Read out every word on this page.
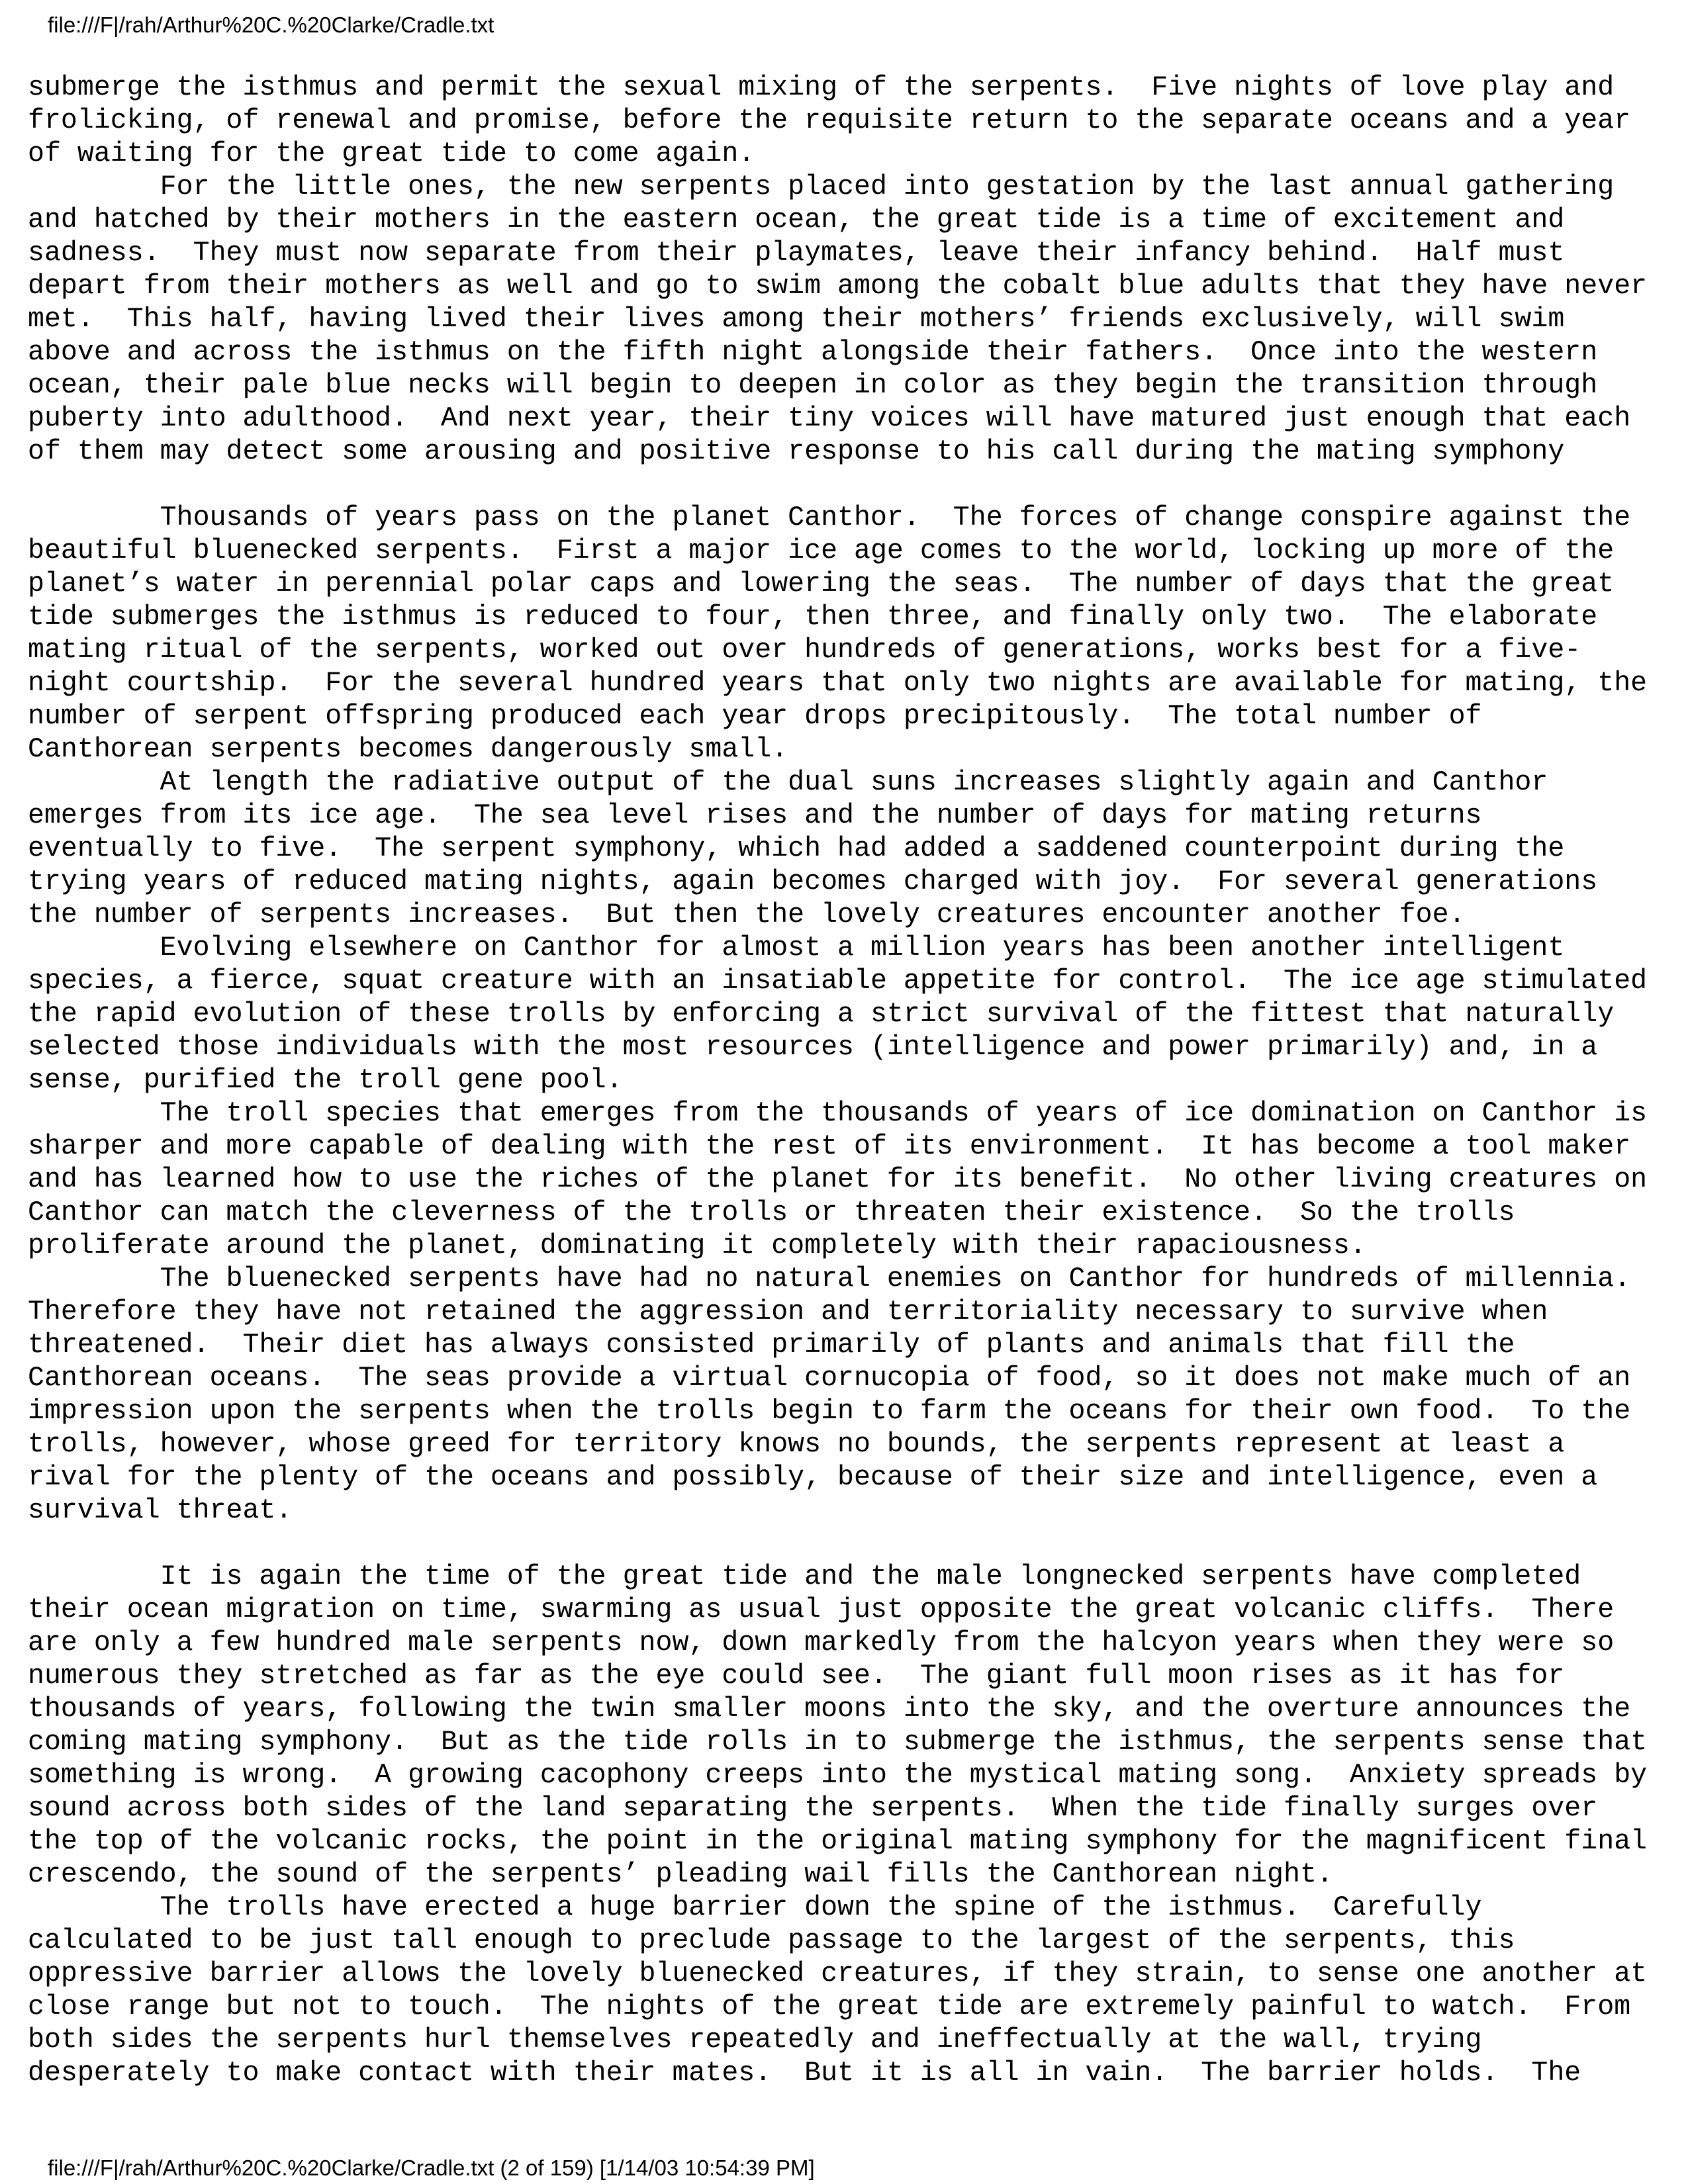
file:///F|/rah/Arthur%20C.%20Clarke/Cradle.txt
submerge the isthmus and permit the sexual mixing of the serpents.  Five nights of love play and
frolicking, of renewal and promise, before the requisite return to the separate oceans and a year
of waiting for the great tide to come again.
For the little ones, the new serpents placed into gestation by the last annual gathering
and hatched by their mothers in the eastern ocean, the great tide is a time of excitement and
sadness.  They must now separate from their playmates, leave their infancy behind.  Half must
depart from their mothers as well and go to swim among the cobalt blue adults that they have never
met.  This half, having lived their lives among their mothers’ friends exclusively, will swim
above and across the isthmus on the fifth night alongside their fathers.  Once into the western
ocean, their pale blue necks will begin to deepen in color as they begin the transition through
puberty into adulthood.  And next year, their tiny voices will have matured just enough that each
of them may detect some arousing and positive response to his call during the mating symphony
Thousands of years pass on the planet Canthor.  The forces of change conspire against the
beautiful bluenecked serpents.  First a major ice age comes to the world, locking up more of the
planet’s water in perennial polar caps and lowering the seas.  The number of days that the great
tide submerges the isthmus is reduced to four, then three, and finally only two.  The elaborate
mating ritual of the serpents, worked out over hundreds of generations, works best for a five-
night courtship.  For the several hundred years that only two nights are available for mating, the
number of serpent offspring produced each year drops precipitously.  The total number of
Canthorean serpents becomes dangerously small.
At length the radiative output of the dual suns increases slightly again and Canthor
emerges from its ice age.  The sea level rises and the number of days for mating returns
eventually to five.  The serpent symphony, which had added a saddened counterpoint during the
trying years of reduced mating nights, again becomes charged with joy.  For several generations
the number of serpents increases.  But then the lovely creatures encounter another foe.
Evolving elsewhere on Canthor for almost a million years has been another intelligent
species, a fierce, squat creature with an insatiable appetite for control.  The ice age stimulated
the rapid evolution of these trolls by enforcing a strict survival of the fittest that naturally
selected those individuals with the most resources (intelligence and power primarily) and, in a
sense, purified the troll gene pool.
The troll species that emerges from the thousands of years of ice domination on Canthor is
sharper and more capable of dealing with the rest of its environment.  It has become a tool maker
and has learned how to use the riches of the planet for its benefit.  No other living creatures on
Canthor can match the cleverness of the trolls or threaten their existence.  So the trolls
proliferate around the planet, dominating it completely with their rapaciousness.
The bluenecked serpents have had no natural enemies on Canthor for hundreds of millennia.
Therefore they have not retained the aggression and territoriality necessary to survive when
threatened.  Their diet has always consisted primarily of plants and animals that fill the
Canthorean oceans.  The seas provide a virtual cornucopia of food, so it does not make much of an
impression upon the serpents when the trolls begin to farm the oceans for their own food.  To the
trolls, however, whose greed for territory knows no bounds, the serpents represent at least a
rival for the plenty of the oceans and possibly, because of their size and intelligence, even a
survival threat.
It is again the time of the great tide and the male longnecked serpents have completed
their ocean migration on time, swarming as usual just opposite the great volcanic cliffs.  There
are only a few hundred male serpents now, down markedly from the halcyon years when they were so
numerous they stretched as far as the eye could see.  The giant full moon rises as it has for
thousands of years, following the twin smaller moons into the sky, and the overture announces the
coming mating symphony.  But as the tide rolls in to submerge the isthmus, the serpents sense that
something is wrong.  A growing cacophony creeps into the mystical mating song.  Anxiety spreads by
sound across both sides of the land separating the serpents.  When the tide finally surges over
the top of the volcanic rocks, the point in the original mating symphony for the magnificent final
crescendo, the sound of the serpents’ pleading wail fills the Canthorean night.
The trolls have erected a huge barrier down the spine of the isthmus.  Carefully
calculated to be just tall enough to preclude passage to the largest of the serpents, this
oppressive barrier allows the lovely bluenecked creatures, if they strain, to sense one another at
close range but not to touch.  The nights of the great tide are extremely painful to watch.  From
both sides the serpents hurl themselves repeatedly and ineffectually at the wall, trying
desperately to make contact with their mates.  But it is all in vain.  The barrier holds.  The
file:///F|/rah/Arthur%20C.%20Clarke/Cradle.txt (2 of 159) [1/14/03 10:54:39 PM]
